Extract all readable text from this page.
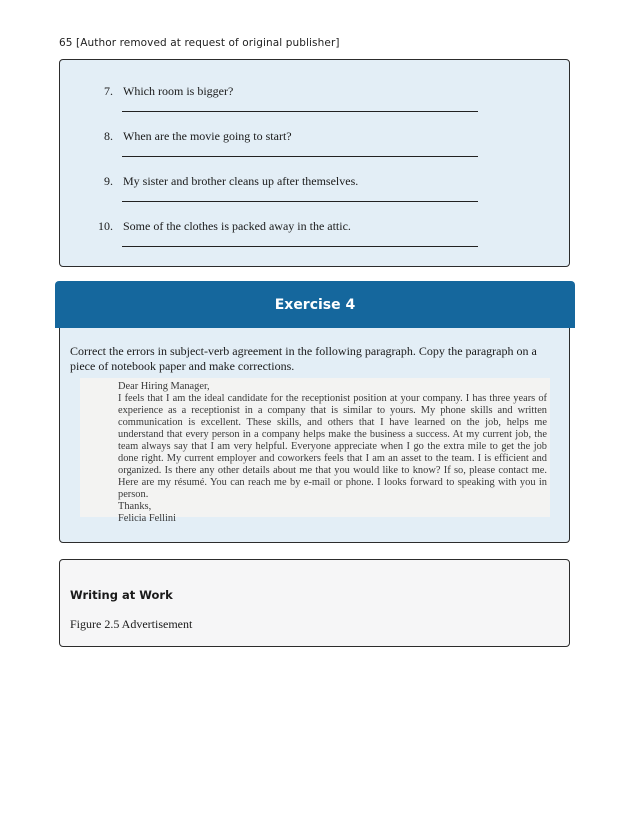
65 [Author removed at request of original publisher]
7. Which room is bigger?
8. When are the movie going to start?
9. My sister and brother cleans up after themselves.
10. Some of the clothes is packed away in the attic.
Exercise 4
Correct the errors in subject-verb agreement in the following paragraph. Copy the paragraph on a piece of notebook paper and make corrections.

Dear Hiring Manager,

I feels that I am the ideal candidate for the receptionist position at your company. I has three years of experience as a receptionist in a company that is similar to yours. My phone skills and written communication is excellent. These skills, and others that I have learned on the job, helps me understand that every person in a company helps make the business a success. At my current job, the team always say that I am very helpful. Everyone appreciate when I go the extra mile to get the job done right. My current employer and coworkers feels that I am an asset to the team. I is efficient and organized. Is there any other details about me that you would like to know? If so, please contact me. Here are my résumé. You can reach me by e-mail or phone. I looks forward to speaking with you in person.

Thanks,

Felicia Fellini

Writing at Work
Figure 2.5 Advertisement
